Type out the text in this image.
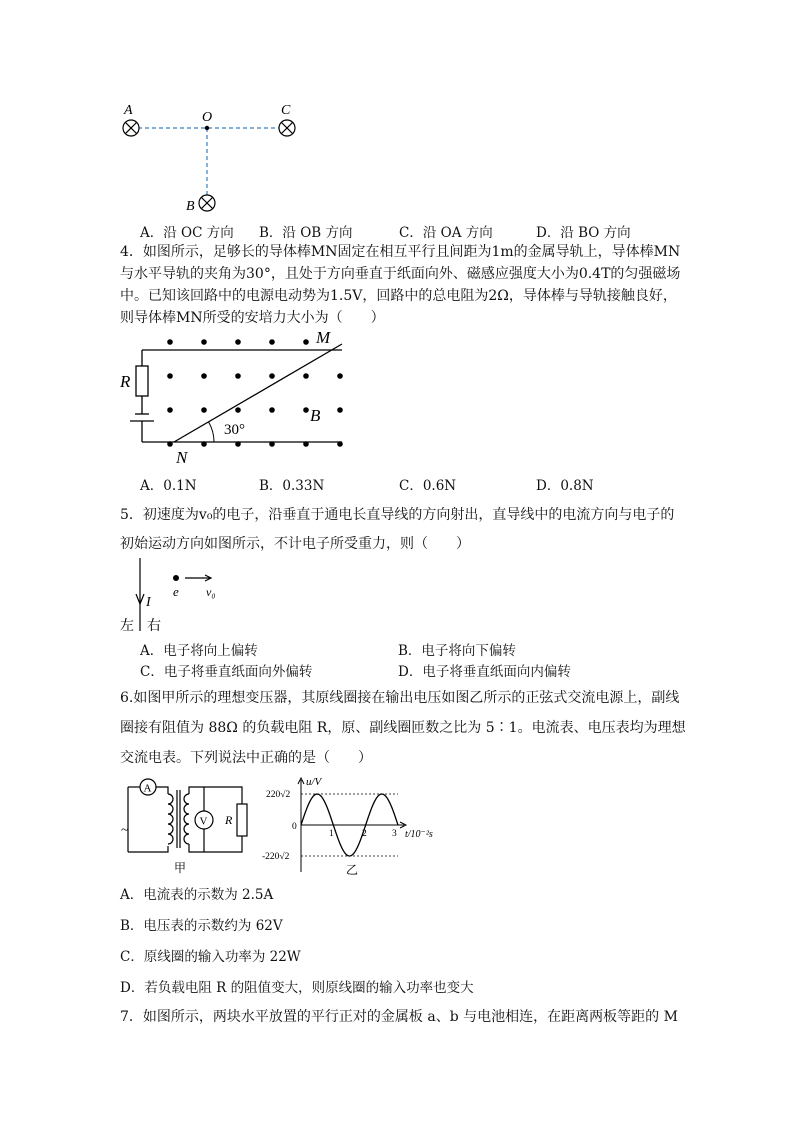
A	O	C
B
A．沿 OC 方向 B．沿 OB 方向	C．沿 OA 方向	D．沿 BO 方向
4．如图所示，足够长的导体棒MN固定在相互平行且间距为1m的金属导轨上，导体棒MN
与水平导轨的夹角为30°，且处于方向垂直于纸面向外、磁感应强度大小为0.4T的匀强磁场
中。已知该回路中的电源电动势为1.5V，回路中的总电阻为2Ω，导体棒与导轨接触良好，
则导体棒MN所受的安培力大小为（　　）
M
N
R
B
30°
A．0.1N	B．0.33N	C．0.6N	D．0.8N
5．初速度为v₀的电子，沿垂直于通电长直导线的方向射出，直导线中的电流方向与电子的
初始运动方向如图所示，不计电子所受重力，则（　　）
I
e v₀
左 右
A．电子将向上偏转	B．电子将向下偏转
C．电子将垂直纸面向外偏转	D．电子将垂直纸面向内偏转
6.如图甲所示的理想变压器，其原线圈接在输出电压如图乙所示的正弦式交流电源上，副线
圈接有阻值为 88Ω 的负载电阻 R，原、副线圈匝数之比为 5∶1。电流表、电压表均为理想
交流电表。下列说法中正确的是（　　）
A
~
R
V
甲
220√2
0
-220√2
1	2	3
u/V
t/10⁻²s
乙
A．电流表的示数为 2.5A
B．电压表的示数约为 62V
C．原线圈的输入功率为 22W
D．若负载电阻 R 的阻值变大，则原线圈的输入功率也变大
7．如图所示，两块水平放置的平行正对的金属板 a、b 与电池相连，在距离两板等距的 M
